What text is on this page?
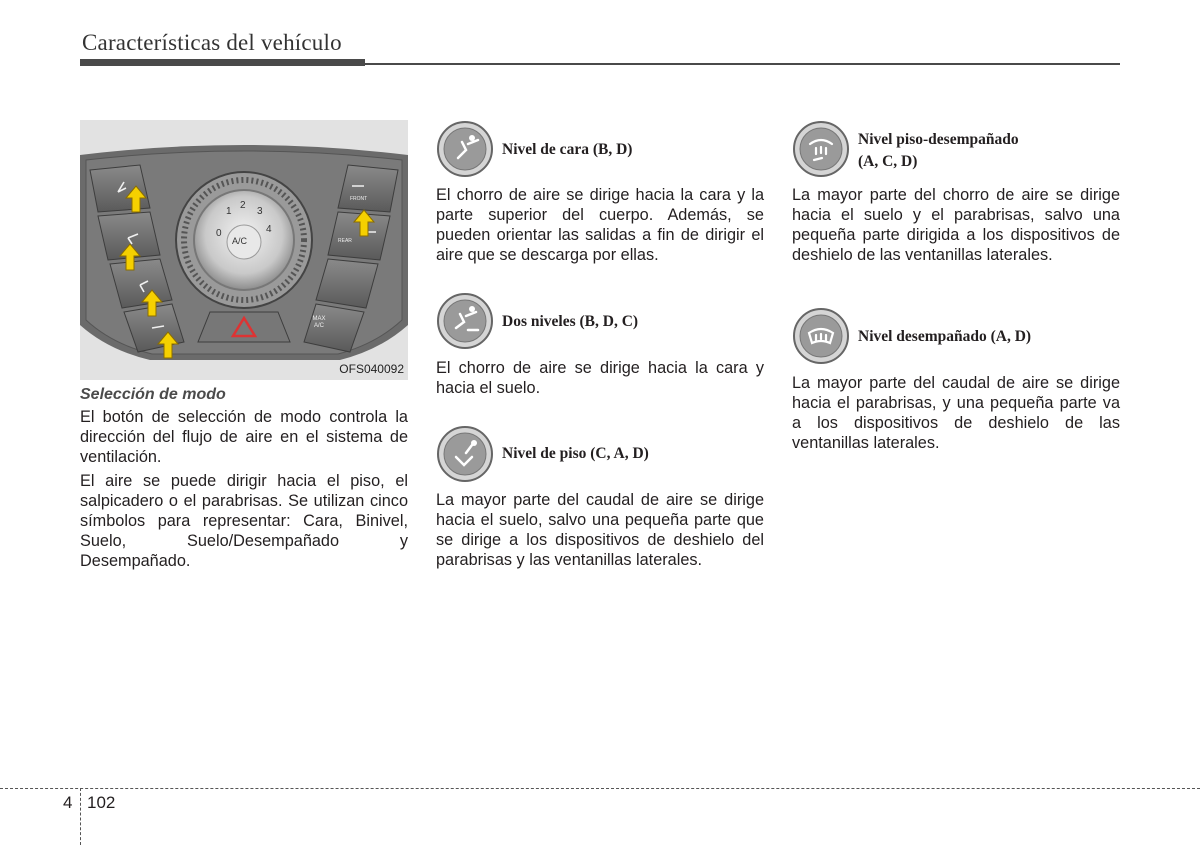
Características del vehículo
1
2
3
4
0
A/C
FRONT
REAR
MAX A/C
OFS040092
Selección de modo

El botón de selección de modo controla la dirección del flujo de aire en el sistema de ventilación.

El aire se puede dirigir hacia el piso, el salpicadero o el parabrisas. Se utilizan cinco símbolos para representar: Cara, Binivel, Suelo, Suelo/Desempañado y Desempañado.

Nivel de cara (B, D)
El chorro de aire se dirige hacia la cara y la parte superior del cuerpo. Además, se pueden orientar las salidas a fin de dirigir el aire que se descarga por ellas.
Dos niveles (B, D, C)
El chorro de aire se dirige hacia la cara y hacia el suelo.
Nivel de piso (C, A, D)
La mayor parte del caudal de aire se dirige hacia el suelo, salvo una pequeña parte que se dirige a los dispositivos de deshielo del parabrisas y las ventanillas laterales.
Nivel piso-desempañado
(A, C, D)
La mayor parte del chorro de aire se dirige hacia el suelo y el parabrisas, salvo una pequeña parte dirigida a los dispositivos de deshielo de las ventanillas laterales.
Nivel desempañado (A, D)
La mayor parte del caudal de aire se dirige hacia el parabrisas, y una pequeña parte va a los dispositivos de deshielo de las ventanillas laterales.
4 102
